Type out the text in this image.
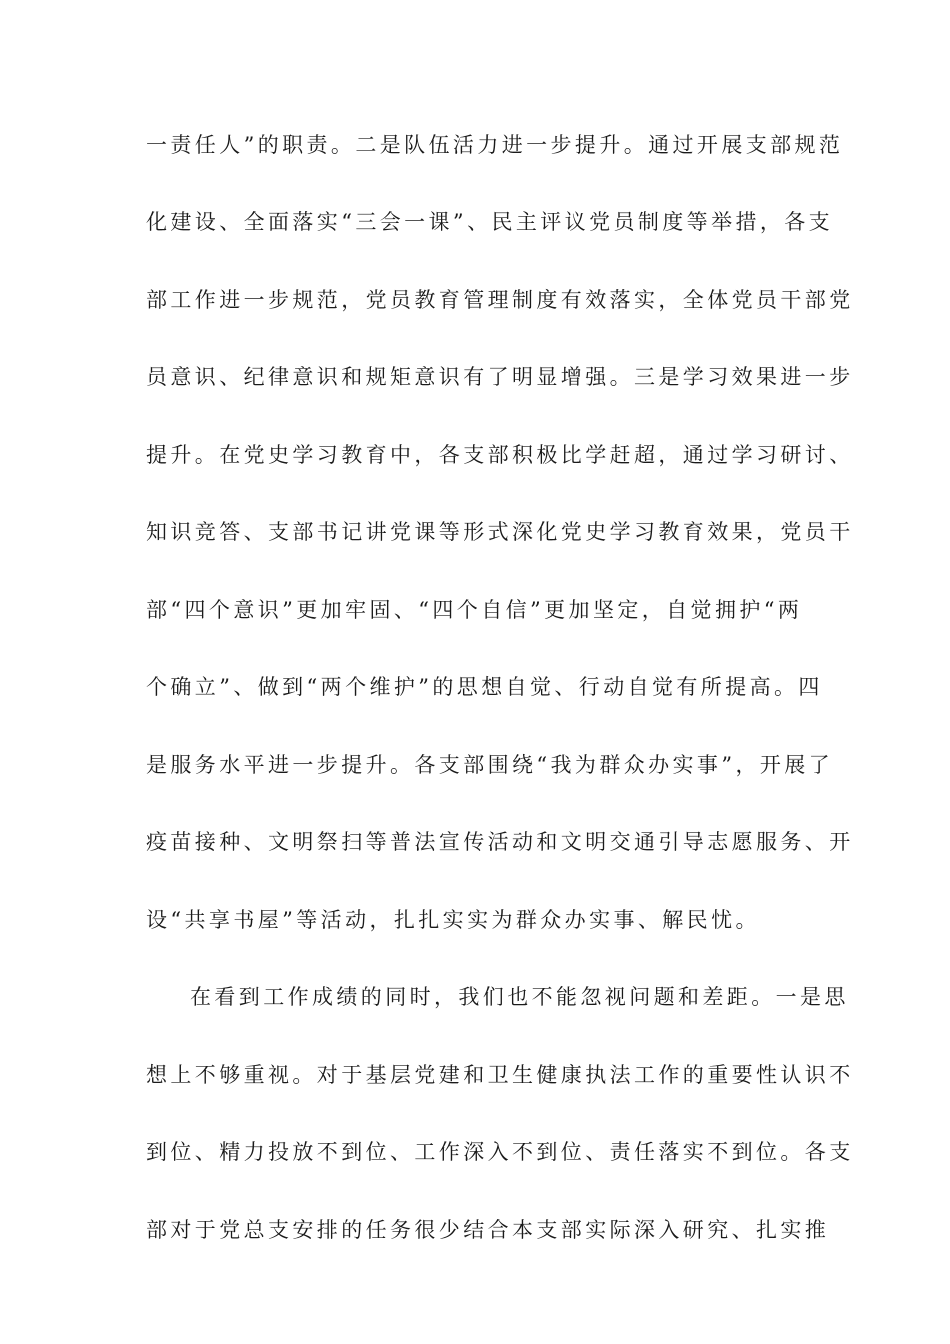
一责任人”的职责。二是队伍活力进一步提升。通过开展支部规范
化建设、全面落实“三会一课”、民主评议党员制度等举措，各支
部工作进一步规范，党员教育管理制度有效落实，全体党员干部党
员意识、纪律意识和规矩意识有了明显增强。三是学习效果进一步
提升。在党史学习教育中，各支部积极比学赶超，通过学习研讨、
知识竞答、支部书记讲党课等形式深化党史学习教育效果，党员干
部“四个意识”更加牢固、“四个自信”更加坚定，自觉拥护“两
个确立”、做到“两个维护”的思想自觉、行动自觉有所提高。四
是服务水平进一步提升。各支部围绕“我为群众办实事”，开展了
疫苗接种、文明祭扫等普法宣传活动和文明交通引导志愿服务、开
设“共享书屋”等活动，扎扎实实为群众办实事、解民忧。
在看到工作成绩的同时，我们也不能忽视问题和差距。一是思
想上不够重视。对于基层党建和卫生健康执法工作的重要性认识不
到位、精力投放不到位、工作深入不到位、责任落实不到位。各支
部对于党总支安排的任务很少结合本支部实际深入研究、扎实推
